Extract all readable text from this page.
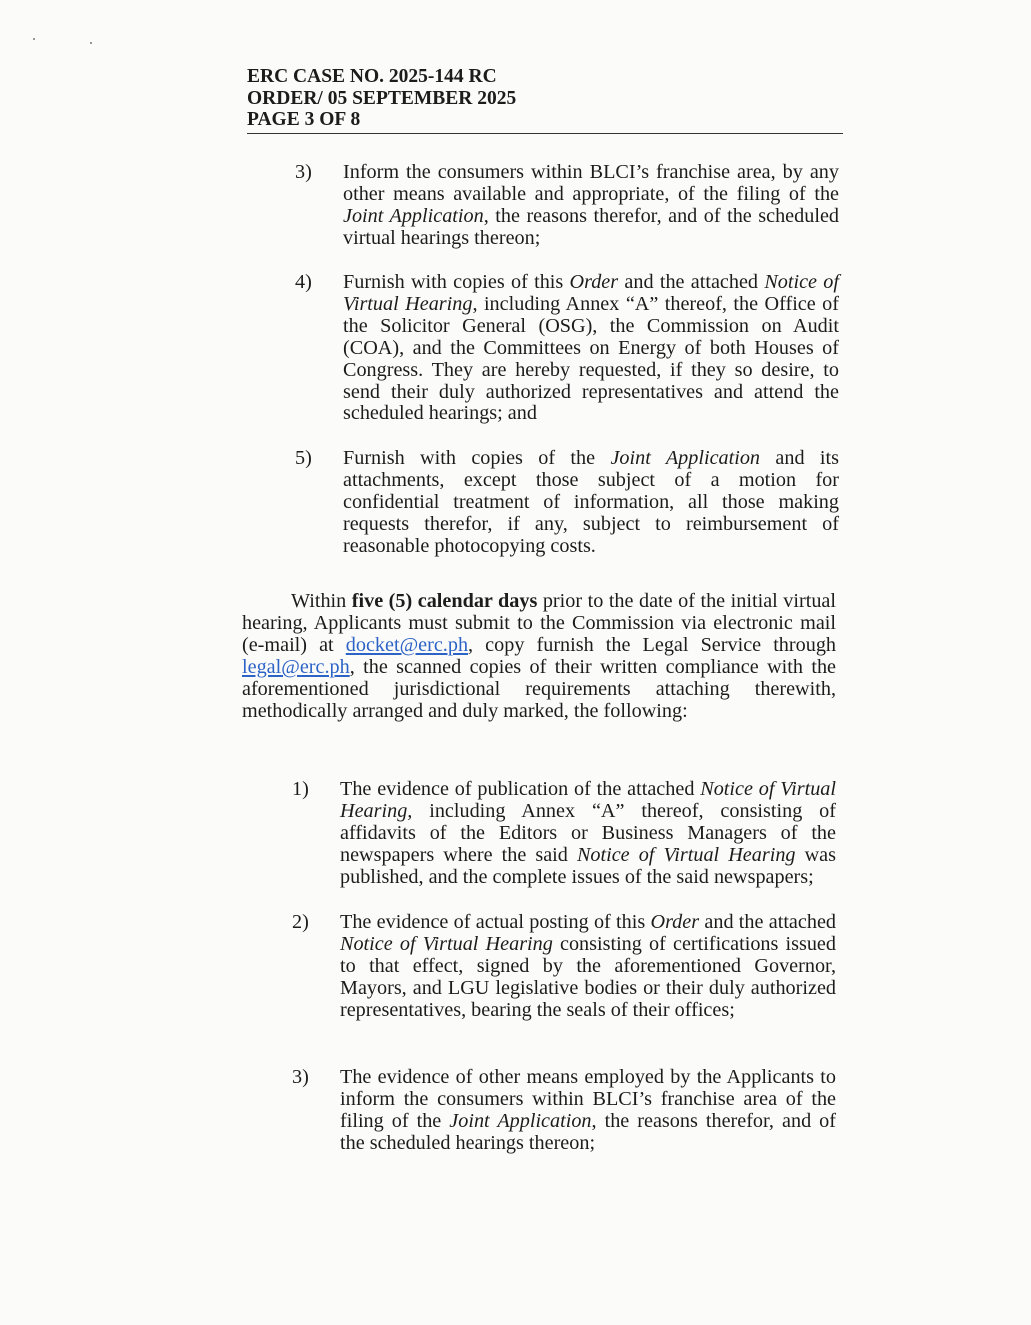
ERC CASE NO. 2025-144 RC
ORDER/ 05 SEPTEMBER 2025
PAGE 3 OF 8
3) Inform the consumers within BLCI’s franchise area, by any other means available and appropriate, of the filing of the Joint Application, the reasons therefor, and of the scheduled virtual hearings thereon;
4) Furnish with copies of this Order and the attached Notice of Virtual Hearing, including Annex “A” thereof, the Office of the Solicitor General (OSG), the Commission on Audit (COA), and the Committees on Energy of both Houses of Congress. They are hereby requested, if they so desire, to send their duly authorized representatives and attend the scheduled hearings; and
5) Furnish with copies of the Joint Application and its attachments, except those subject of a motion for confidential treatment of information, all those making requests therefor, if any, subject to reimbursement of reasonable photocopying costs.
Within five (5) calendar days prior to the date of the initial virtual hearing, Applicants must submit to the Commission via electronic mail (e-mail) at docket@erc.ph, copy furnish the Legal Service through legal@erc.ph, the scanned copies of their written compliance with the aforementioned jurisdictional requirements attaching therewith, methodically arranged and duly marked, the following:
1) The evidence of publication of the attached Notice of Virtual Hearing, including Annex “A” thereof, consisting of affidavits of the Editors or Business Managers of the newspapers where the said Notice of Virtual Hearing was published, and the complete issues of the said newspapers;
2) The evidence of actual posting of this Order and the attached Notice of Virtual Hearing consisting of certifications issued to that effect, signed by the aforementioned Governor, Mayors, and LGU legislative bodies or their duly authorized representatives, bearing the seals of their offices;
3) The evidence of other means employed by the Applicants to inform the consumers within BLCI’s franchise area of the filing of the Joint Application, the reasons therefor, and of the scheduled hearings thereon;
